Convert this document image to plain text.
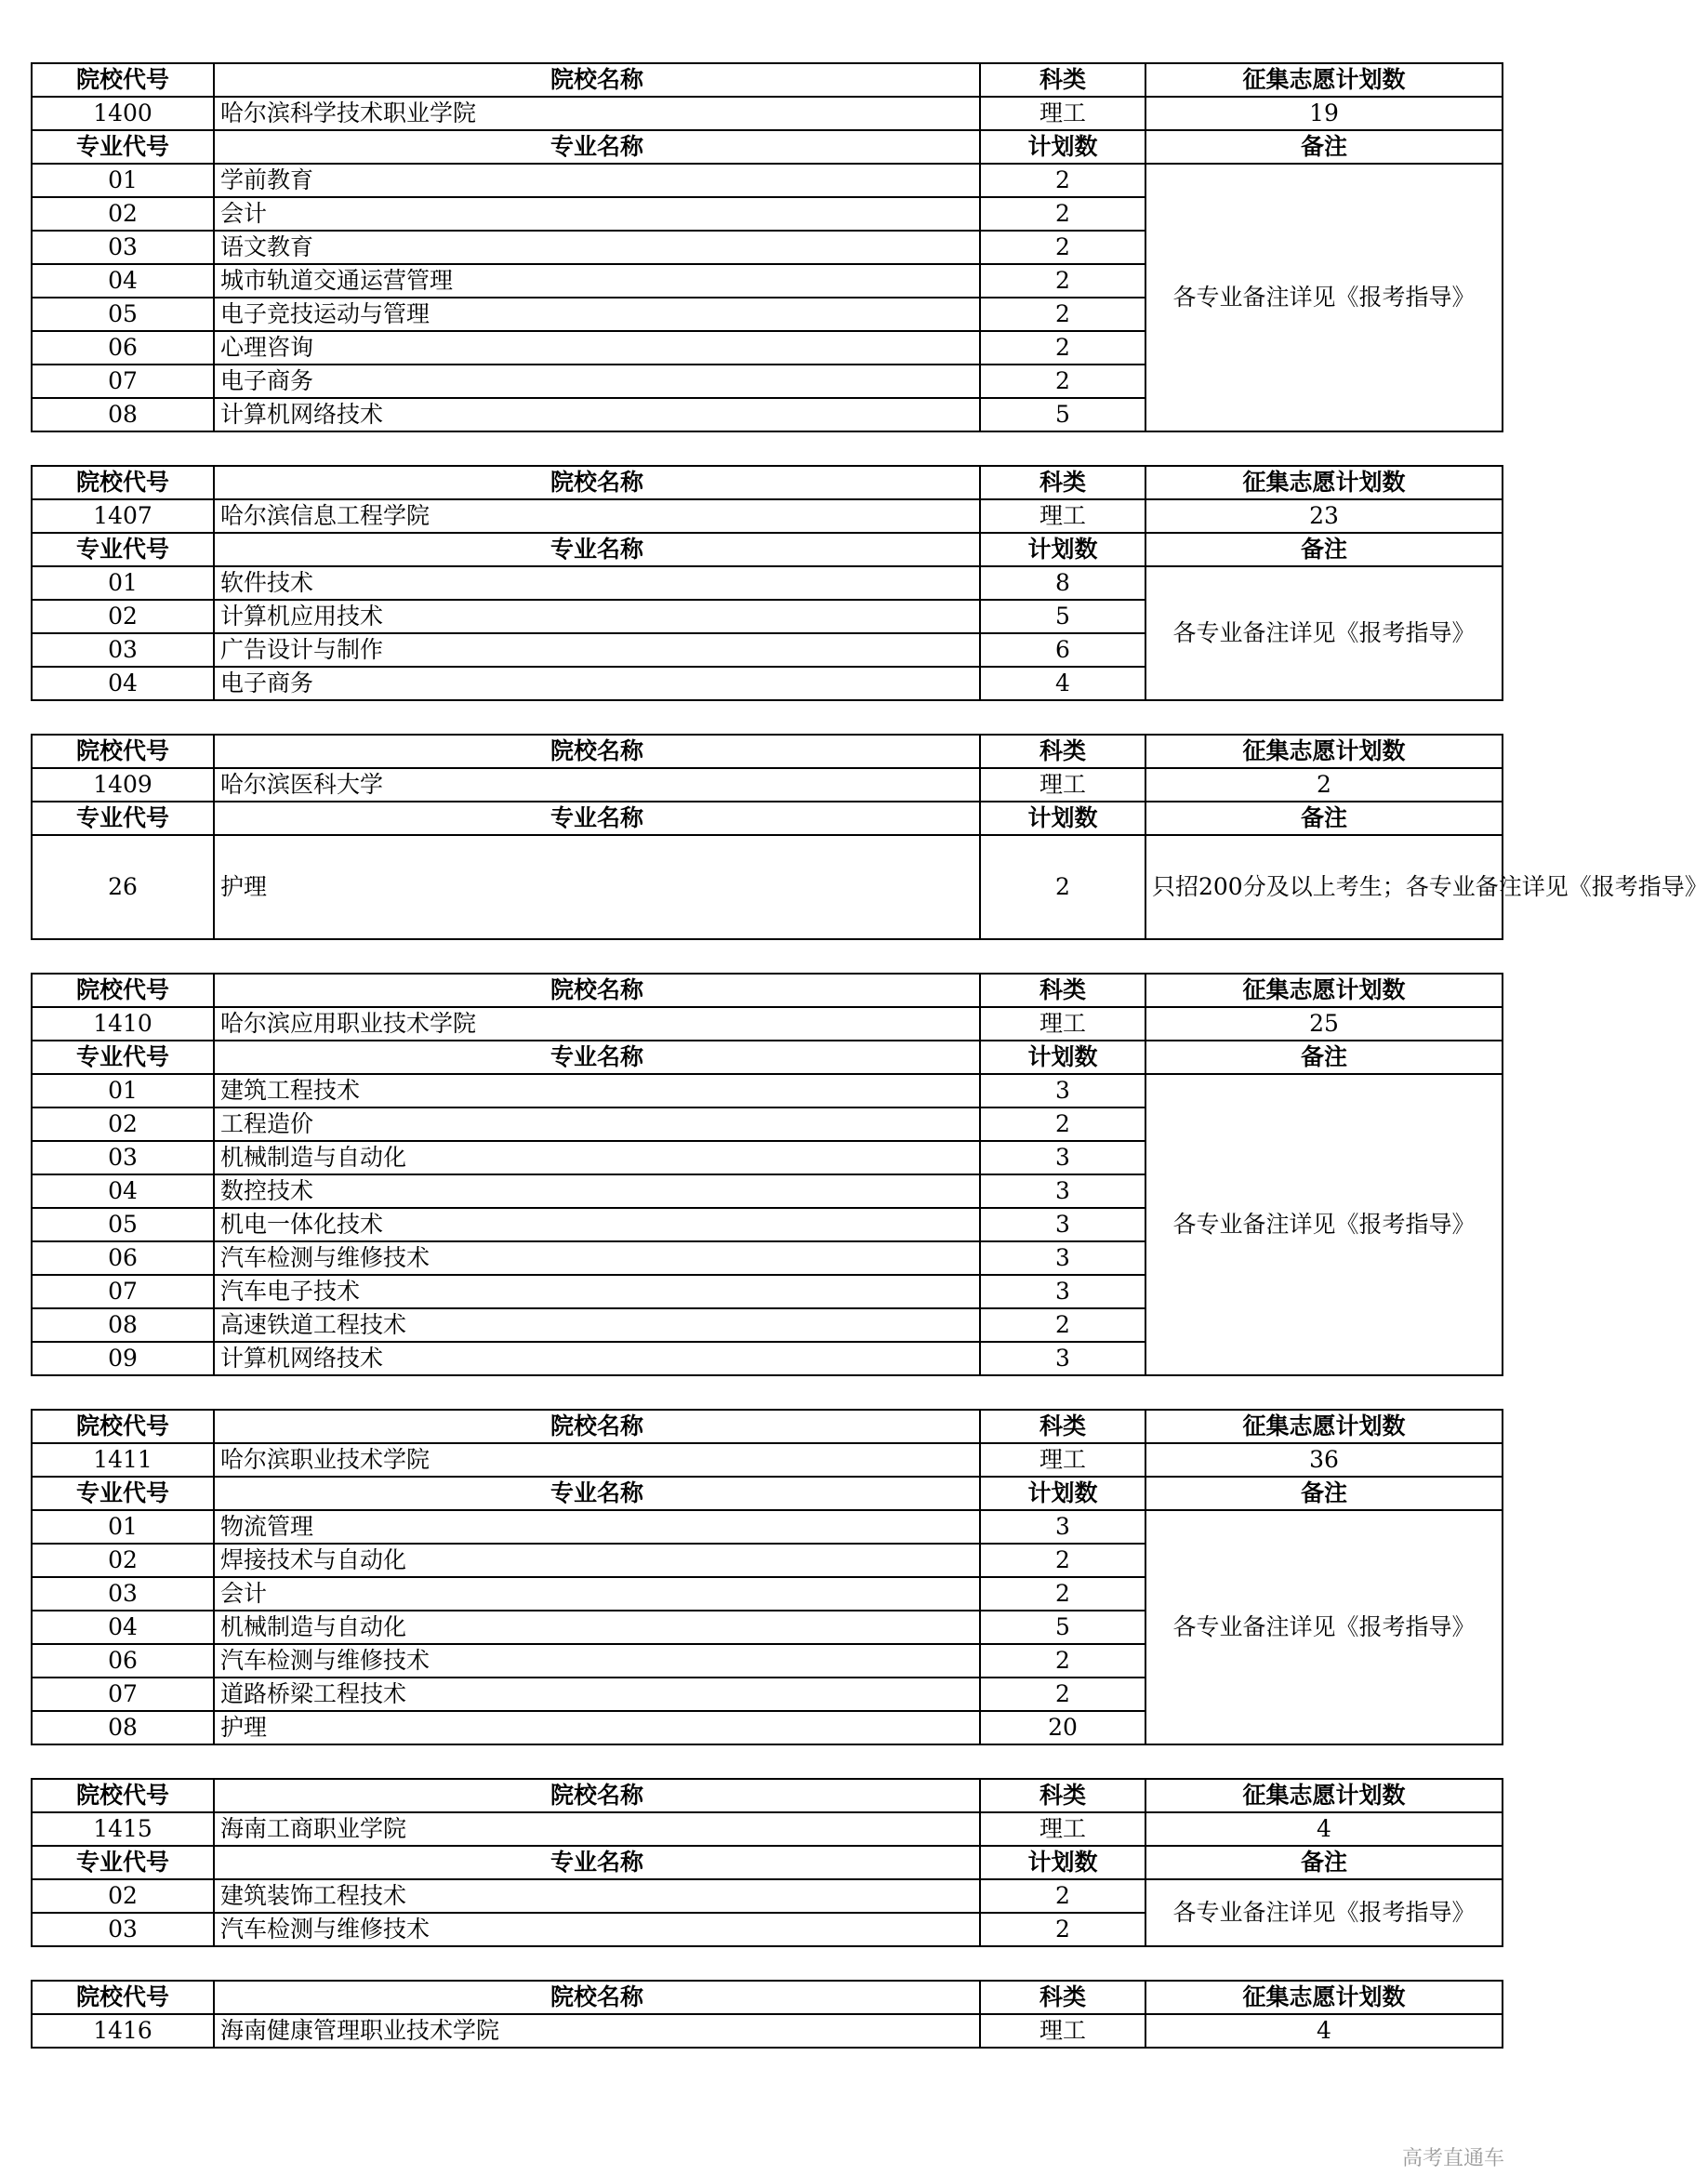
院校代号	院校名称	科类	征集志愿计划数
1400	哈尔滨科学技术职业学院	理工	19
专业代号	专业名称	计划数	备注
01	学前教育	2	各专业备注详见《报考指导》
02	会计	2	
03	语文教育	2	
04	城市轨道交通运营管理	2	
05	电子竞技运动与管理	2	
06	心理咨询	2	
07	电子商务	2	
08	计算机网络技术	5	
院校代号	院校名称	科类	征集志愿计划数
1407	哈尔滨信息工程学院	理工	23
专业代号	专业名称	计划数	备注
01	软件技术	8	各专业备注详见《报考指导》
02	计算机应用技术	5	
03	广告设计与制作	6	
04	电子商务	4	
院校代号	院校名称	科类	征集志愿计划数
1409	哈尔滨医科大学	理工	2
专业代号	专业名称	计划数	备注
26	护理	2	只招200分及以上考生；各专业备注详见《报考指导》
院校代号	院校名称	科类	征集志愿计划数
1410	哈尔滨应用职业技术学院	理工	25
专业代号	专业名称	计划数	备注
01	建筑工程技术	3	各专业备注详见《报考指导》
02	工程造价	2	
03	机械制造与自动化	3	
04	数控技术	3	
05	机电一体化技术	3	
06	汽车检测与维修技术	3	
07	汽车电子技术	3	
08	高速铁道工程技术	2	
09	计算机网络技术	3	
院校代号	院校名称	科类	征集志愿计划数
1411	哈尔滨职业技术学院	理工	36
专业代号	专业名称	计划数	备注
01	物流管理	3	各专业备注详见《报考指导》
02	焊接技术与自动化	2	
03	会计	2	
04	机械制造与自动化	5	
06	汽车检测与维修技术	2	
07	道路桥梁工程技术	2	
08	护理	20	
院校代号	院校名称	科类	征集志愿计划数
1415	海南工商职业学院	理工	4
专业代号	专业名称	计划数	备注
02	建筑装饰工程技术	2	各专业备注详见《报考指导》
03	汽车检测与维修技术	2	
院校代号	院校名称	科类	征集志愿计划数
1416	海南健康管理职业技术学院	理工	4
高考直通车
